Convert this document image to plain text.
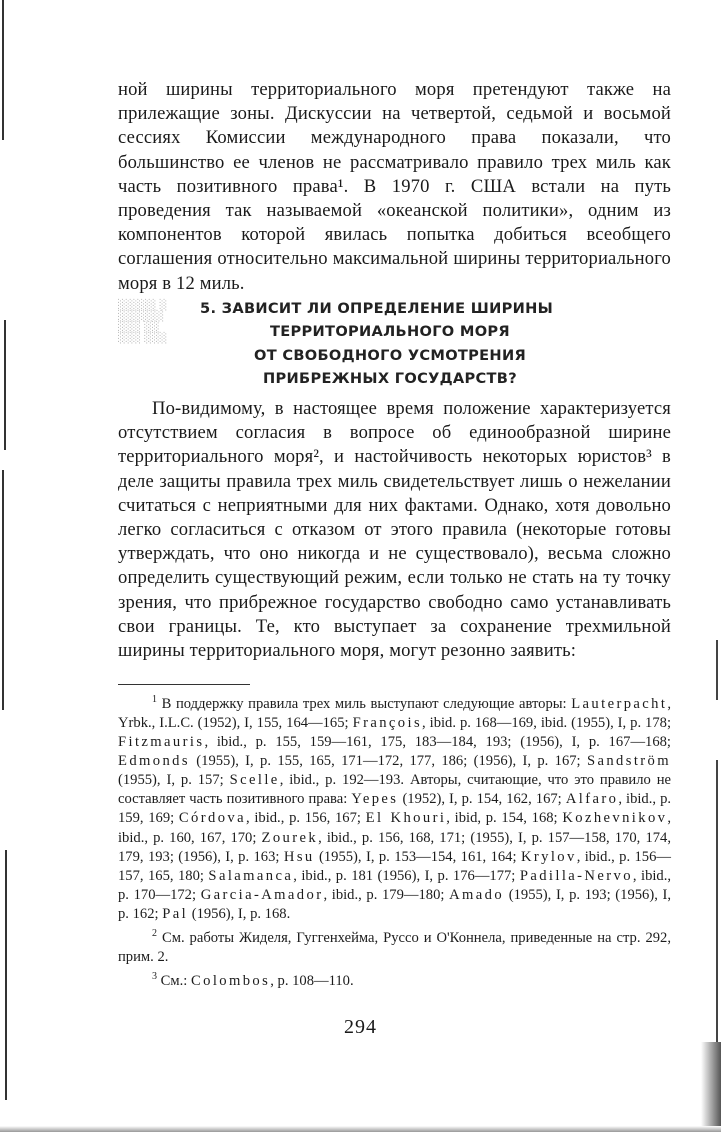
ной ширины территориального моря претендуют также на прилежащие зоны. Дискуссии на четвертой, седьмой и восьмой сессиях Комиссии международного права показали, что большинство ее членов не рассматривало правило трех миль как часть позитивного права¹. В 1970 г. США встали на путь проведения так называемой «океанской политики», одним из компонентов которой явилась попытка добиться всеобщего соглашения относительно максимальной ширины территориального моря в 12 миль.

░░░░░ ░
░░░░░░
░░░ ░░
░░░ ░░░
5. ЗАВИСИТ ЛИ ОПРЕДЕЛЕНИЕ ШИРИНЫ
ТЕРРИТОРИАЛЬНОГО МОРЯ
ОТ СВОБОДНОГО УСМОТРЕНИЯ
ПРИБРЕЖНЫХ ГОСУДАРСТВ?

По-видимому, в настоящее время положение характеризуется отсутствием согласия в вопросе об единообразной ширине территориального моря², и настойчивость некоторых юристов³ в деле защиты правила трех миль свидетельствует лишь о нежелании считаться с неприятными для них фактами. Однако, хотя довольно легко согласиться с отказом от этого правила (некоторые готовы утверждать, что оно никогда и не существовало), весьма сложно определить существующий режим, если только не стать на ту точку зрения, что прибрежное государство свободно само устанавливать свои границы. Те, кто выступает за сохранение трехмильной ширины территориального моря, могут резонно заявить:

$^1$ В поддержку правила трех миль выступают следующие авторы: Lauterpacht, Yrbk., I.L.C. (1952), I, 155, 164—165; François, ibid. p. 168—169, ibid. (1955), I, p. 178; Fitzmauris, ibid., p. 155, 159—161, 175, 183—184, 193; (1956), I, p. 167—168; Edmonds (1955), I, p. 155, 165, 171—172, 177, 186; (1956), I, p. 167; Sandström (1955), I, p. 157; Scelle, ibid., p. 192—193. Авторы, считающие, что это правило не составляет часть позитивного права: Yepes (1952), I, p. 154, 162, 167; Alfaro, ibid., p. 159, 169; Córdova, ibid., p. 156, 167; El Khouri, ibid, p. 154, 168; Kozhevnikov, ibid., p. 160, 167, 170; Zourek, ibid., p. 156, 168, 171; (1955), I, p. 157—158, 170, 174, 179, 193; (1956), I, p. 163; Hsu (1955), I, p. 153—154, 161, 164; Krylov, ibid., p. 156—157, 165, 180; Salamanca, ibid., p. 181 (1956), I, p. 176—177; Padilla-Nervo, ibid., p. 170—172; Garcia-Amador, ibid., p. 179—180; Amado (1955), I, p. 193; (1956), I, p. 162; Pal (1956), I, p. 168.

$^2$ См. работы Жиделя, Гуггенхейма, Руссо и О'Коннела, приведенные на стр. 292, прим. 2.

$^3$ См.: Colombos, p. 108—110.

294
